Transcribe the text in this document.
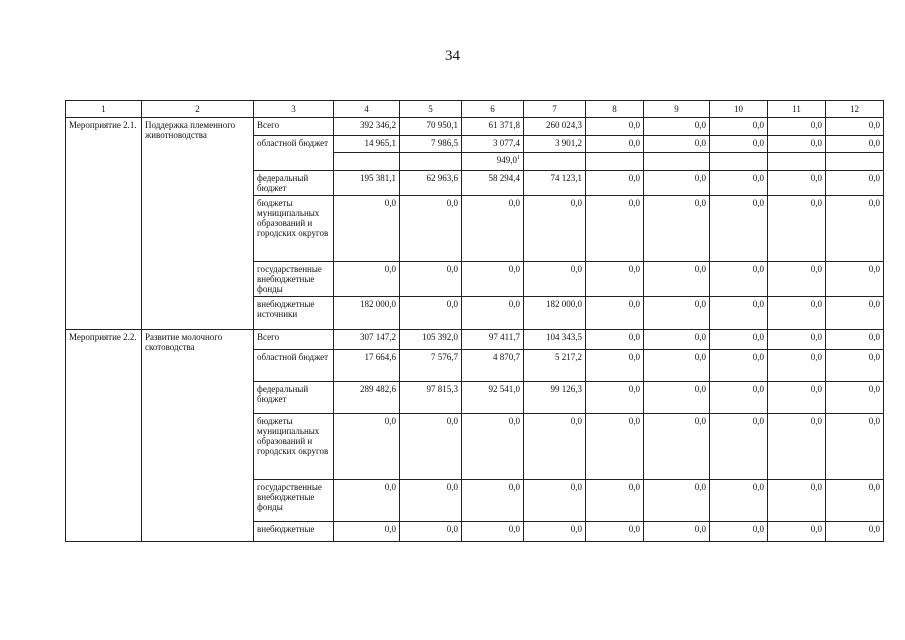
34
1	2	3	4	5	6	7	8	9	10	11	12
Мероприятие 2.1.	Поддержка племенного животноводства	Всего	392 346,2	70 950,1	61 371,8	260 024,3	0,0	0,0	0,0	0,0	0,0
		областной бюджет	14 965,1	7 986,5	3 077,4	3 901,2	0,0	0,0	0,0	0,0	0,0
					949,0$^1$						
		федеральный бюджет	195 381,1	62 963,6	58 294,4	74 123,1	0,0	0,0	0,0	0,0	0,0
		бюджеты муниципальных образований и городских округов	0,0	0,0	0,0	0,0	0,0	0,0	0,0	0,0	0,0
		государственные внебюджетные фонды	0,0	0,0	0,0	0,0	0,0	0,0	0,0	0,0	0,0
		внебюджетные источники	182 000,0	0,0	0,0	182 000,0	0,0	0,0	0,0	0,0	0,0
Мероприятие 2.2.	Развитие молочного скотоводства	Всего	307 147,2	105 392,0	97 411,7	104 343,5	0,0	0,0	0,0	0,0	0,0
		областной бюджет	17 664,6	7 576,7	4 870,7	5 217,2	0,0	0,0	0,0	0,0	0,0
		федеральный бюджет	289 482,6	97 815,3	92 541,0	99 126,3	0,0	0,0	0,0	0,0	0,0
		бюджеты муниципальных образований и городских округов	0,0	0,0	0,0	0,0	0,0	0,0	0,0	0,0	0,0
		государственные внебюджетные фонды	0,0	0,0	0,0	0,0	0,0	0,0	0,0	0,0	0,0
		внебюджетные	0,0	0,0	0,0	0,0	0,0	0,0	0,0	0,0	0,0
